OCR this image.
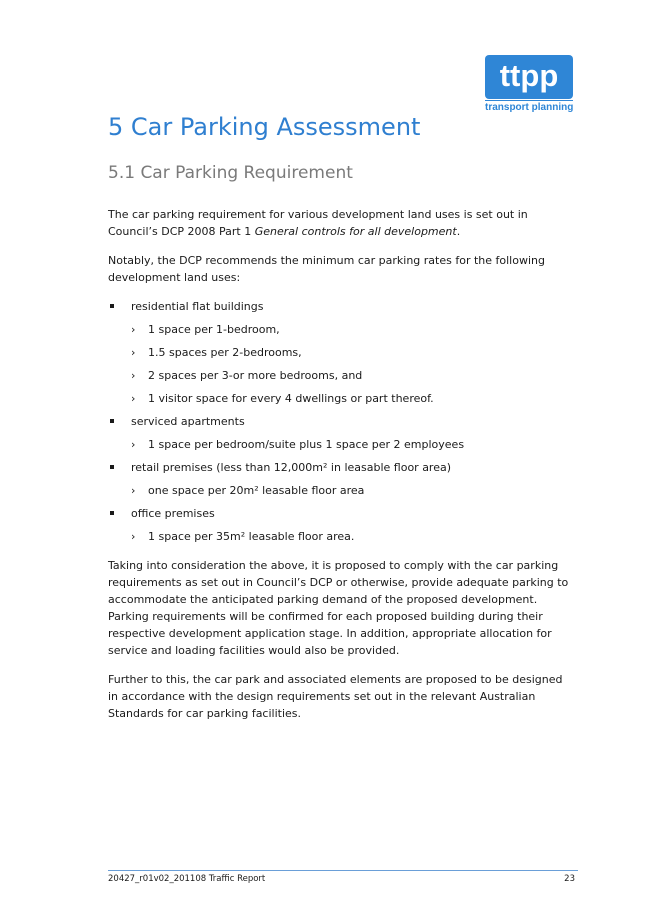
ttpp
transport planning
5 Car Parking Assessment
5.1 Car Parking Requirement

The car parking requirement for various development land uses is set out in Council’s DCP 2008 Part 1 General controls for all development.

Notably, the DCP recommends the minimum car parking rates for the following development land uses:

residential flat buildings
› 1 space per 1-bedroom,
› 1.5 spaces per 2-bedrooms,
› 2 spaces per 3-or more bedrooms, and
› 1 visitor space for every 4 dwellings or part thereof.
serviced apartments
› 1 space per bedroom/suite plus 1 space per 2 employees
retail premises (less than 12,000m² in leasable floor area)
› one space per 20m² leasable floor area
office premises
› 1 space per 35m² leasable floor area.

Taking into consideration the above, it is proposed to comply with the car parking requirements as set out in Council’s DCP or otherwise, provide adequate parking to accommodate the anticipated parking demand of the proposed development. Parking requirements will be confirmed for each proposed building during their respective development application stage. In addition, appropriate allocation for service and loading facilities would also be provided.

Further to this, the car park and associated elements are proposed to be designed in accordance with the design requirements set out in the relevant Australian Standards for car parking facilities.

20427_r01v02_201108 Traffic Report	23
